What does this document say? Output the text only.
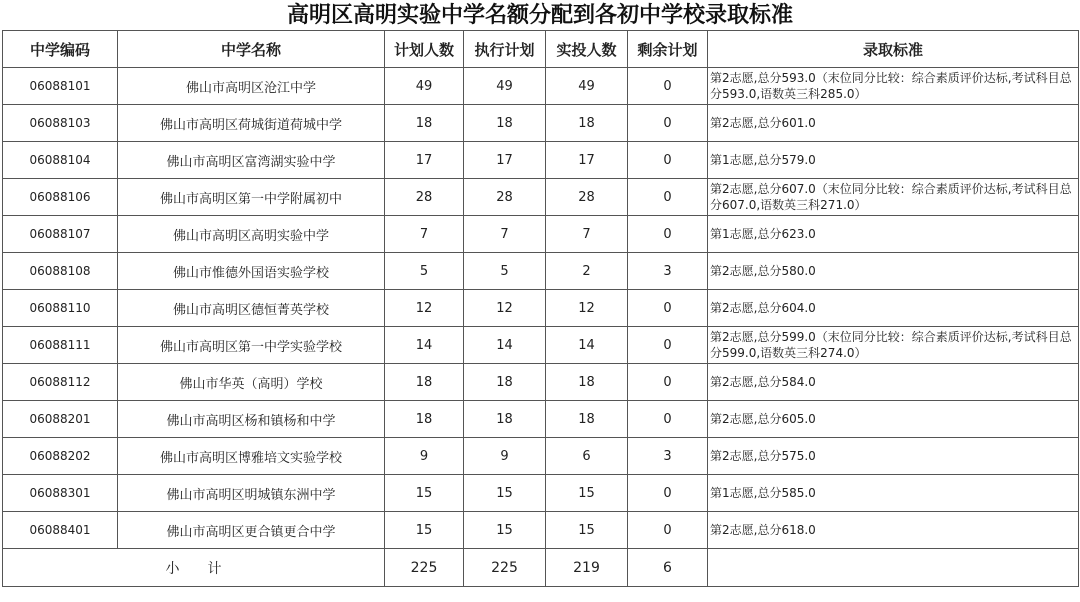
高明区高明实验中学名额分配到各初中学校录取标准
中学编码	中学名称	计划人数	执行计划	实投人数	剩余计划	录取标准
06088101	佛山市高明区沧江中学	49	49	49	0	第2志愿,总分593.0（末位同分比较：综合素质评价达标,考试科目总分593.0,语数英三科285.0）
06088103	佛山市高明区荷城街道荷城中学	18	18	18	0	第2志愿,总分601.0
06088104	佛山市高明区富湾湖实验中学	17	17	17	0	第1志愿,总分579.0
06088106	佛山市高明区第一中学附属初中	28	28	28	0	第2志愿,总分607.0（末位同分比较：综合素质评价达标,考试科目总分607.0,语数英三科271.0）
06088107	佛山市高明区高明实验中学	7	7	7	0	第1志愿,总分623.0
06088108	佛山市惟德外国语实验学校	5	5	2	3	第2志愿,总分580.0
06088110	佛山市高明区德恒菁英学校	12	12	12	0	第2志愿,总分604.0
06088111	佛山市高明区第一中学实验学校	14	14	14	0	第2志愿,总分599.0（末位同分比较：综合素质评价达标,考试科目总分599.0,语数英三科274.0）
06088112	佛山市华英（高明）学校	18	18	18	0	第2志愿,总分584.0
06088201	佛山市高明区杨和镇杨和中学	18	18	18	0	第2志愿,总分605.0
06088202	佛山市高明区博雅培文实验学校	9	9	6	3	第2志愿,总分575.0
06088301	佛山市高明区明城镇东洲中学	15	15	15	0	第1志愿,总分585.0
06088401	佛山市高明区更合镇更合中学	15	15	15	0	第2志愿,总分618.0
小　　计		225	225	219	6	
